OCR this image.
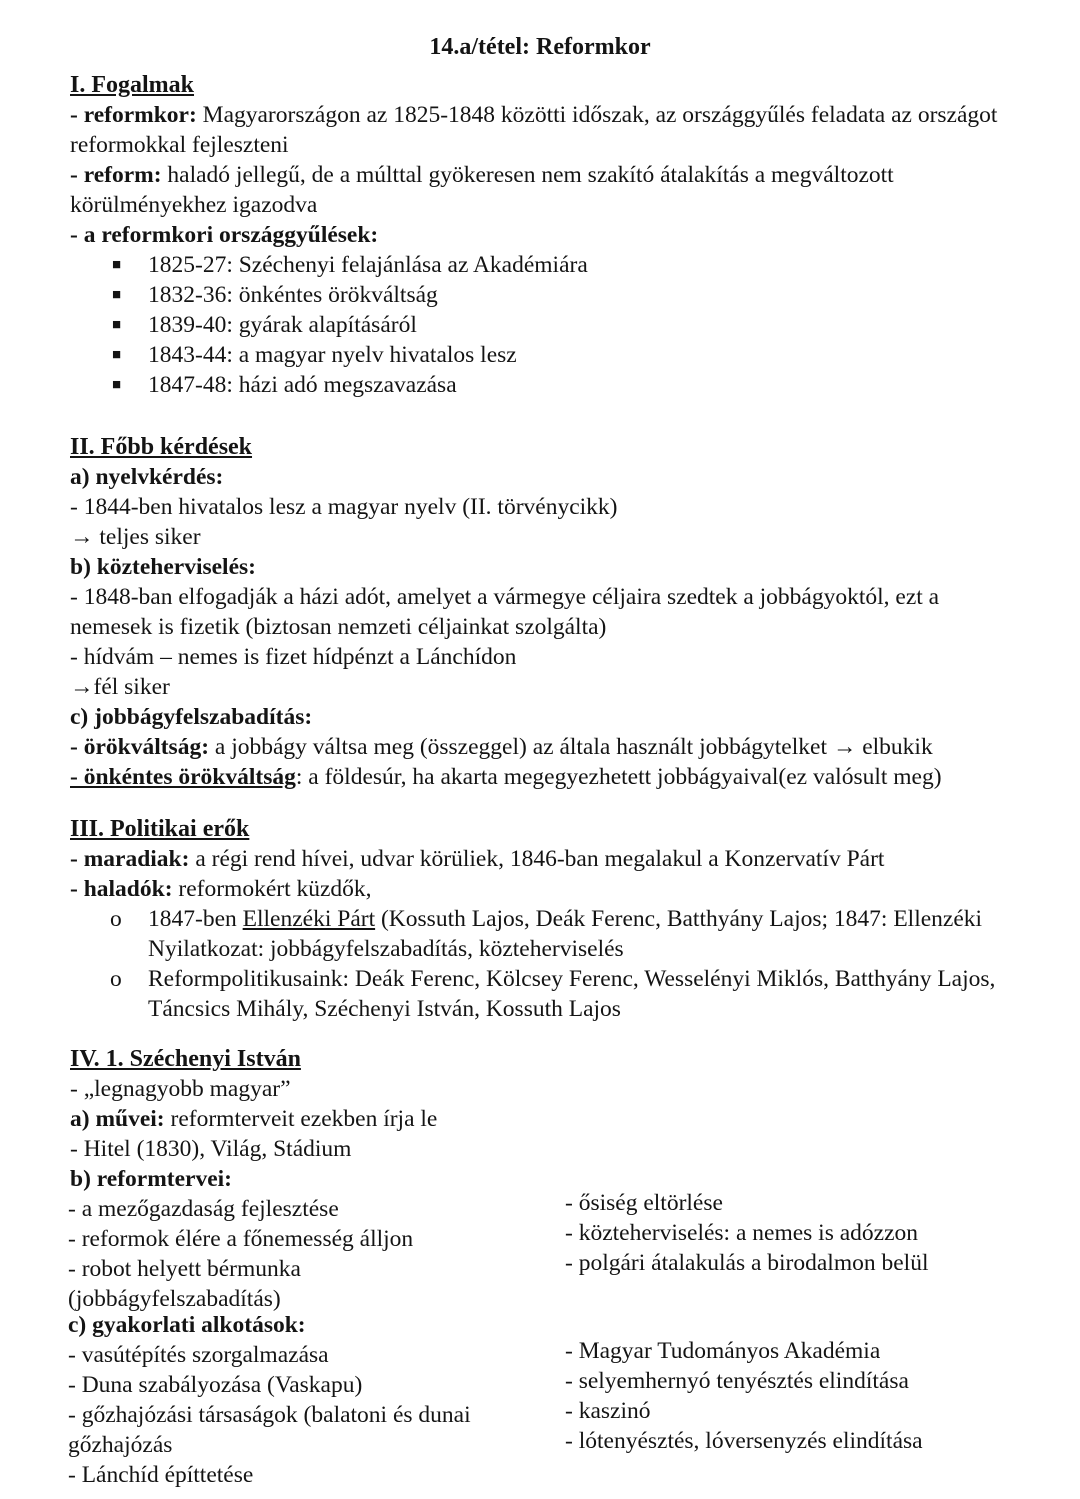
14.a/tétel: Reformkor
I. Fogalmak
- reformkor: Magyarországon az 1825-1848 közötti időszak, az országgyűlés feladata az országot reformokkal fejleszteni
- reform: haladó jellegű, de a múlttal gyökeresen nem szakító átalakítás a megváltozott körülményekhez igazodva
- a reformkori országgyűlések:
■ 1825-27: Széchenyi felajánlása az Akadémiára
■ 1832-36: önkéntes örökváltság
■ 1839-40: gyárak alapításáról
■ 1843-44: a magyar nyelv hivatalos lesz
■ 1847-48: házi adó megszavazása
II. Főbb kérdések
a) nyelvkérdés:
- 1844-ben hivatalos lesz a magyar nyelv (II. törvénycikk)
→ teljes siker
b) közteherviselés:
- 1848-ban elfogadják a házi adót, amelyet a vármegye céljaira szedtek a jobbágyoktól, ezt a nemesek is fizetik (biztosan nemzeti céljainkat szolgálta)
- hídvám – nemes is fizet hídpénzt a Lánchídon
→fél siker
c) jobbágyfelszabadítás:
- örökváltság: a jobbágy váltsa meg (összeggel) az általa használt jobbágytelket → elbukik
- önkéntes örökváltság: a földesúr, ha akarta megegyezhetett jobbágyaival(ez valósult meg)
III. Politikai erők
- maradiak: a régi rend hívei, udvar körüliek, 1846-ban megalakul a Konzervatív Párt
- haladók: reformokért küzdők,
o 1847-ben Ellenzéki Párt (Kossuth Lajos, Deák Ferenc, Batthyány Lajos; 1847: Ellenzéki Nyilatkozat: jobbágyfelszabadítás, közteherviselés
o Reformpolitikusaink: Deák Ferenc, Kölcsey Ferenc, Wesselényi Miklós, Batthyány Lajos, Táncsics Mihály, Széchenyi István, Kossuth Lajos
IV. 1. Széchenyi István
- „legnagyobb magyar”
a) művei: reformterveit ezekben írja le
- Hitel (1830), Világ, Stádium
b) reformtervei:
- a mezőgazdaság fejlesztése
- reformok élére a főnemesség álljon
- robot helyett bérmunka
(jobbágyfelszabadítás)
- ősiség eltörlése
- közteherviselés: a nemes is adózzon
- polgári átalakulás a birodalmon belül
c) gyakorlati alkotások:
- vasútépítés szorgalmazása
- Duna szabályozása (Vaskapu)
- gőzhajózási társaságok (balatoni és dunai
gőzhajózás
- Lánchíd építtetése
- Magyar Tudományos Akadémia
- selyemhernyó tenyésztés elindítása
- kaszinó
- lótenyésztés, lóversenyzés elindítása
